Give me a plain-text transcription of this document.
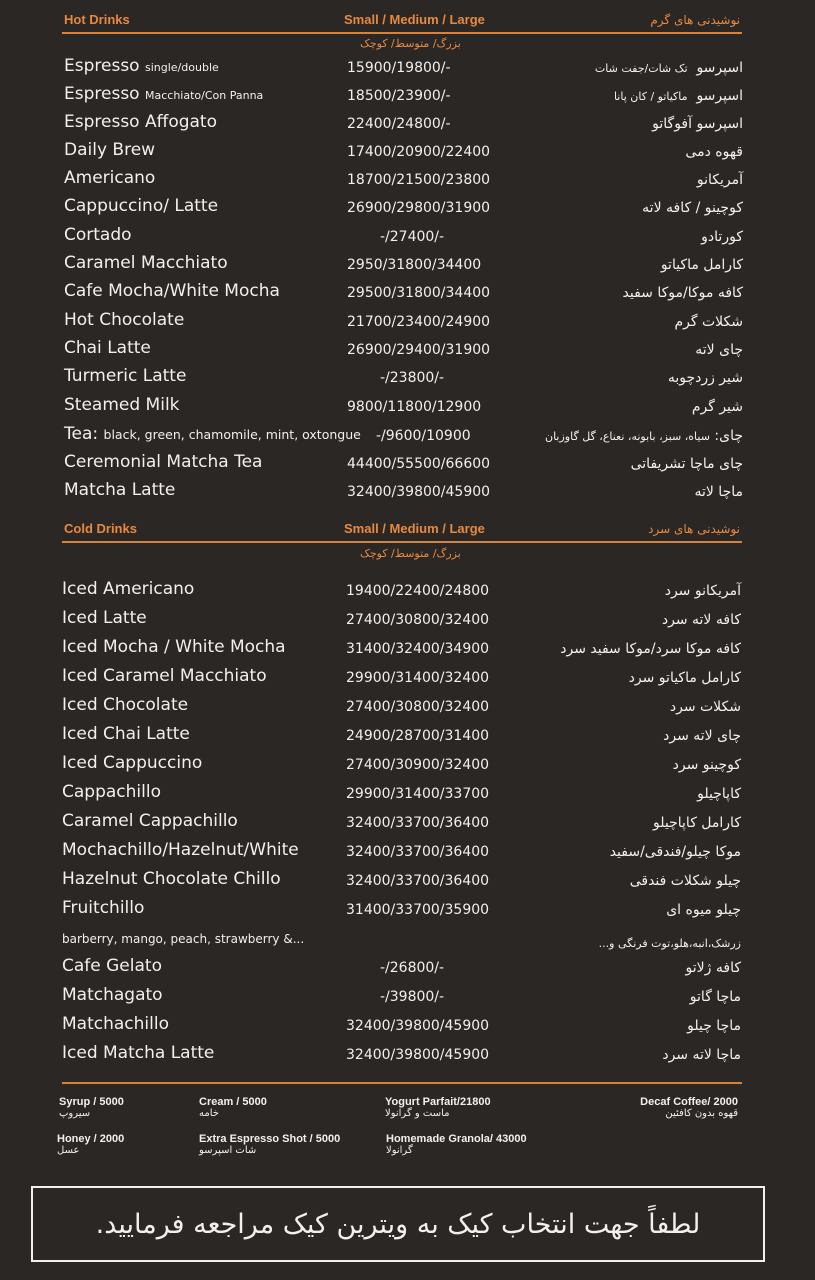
Hot Drinks	Small / Medium / Large	نوشیدنی های گرم
بزرگ/ متوسط/ کوچک
Espresso single/double	15900/19800/-	اسپرسو  تک شات/جفت شات
Espresso Macchiato/Con Panna	18500/23900/-	اسپرسو  ماکیاتو / کان پانا
Espresso Affogato	22400/24800/-	اسپرسو آفوگاتو
Daily Brew	17400/20900/22400	قهوه دمی
Americano	18700/21500/23800	آمریکانو
Cappuccino/ Latte	26900/29800/31900	کوچینو / کافه لاته
Cortado	-/27400/-	کورتادو
Caramel Macchiato	2950/31800/34400	کارامل ماکیاتو
Cafe Mocha/White Mocha	29500/31800/34400	کافه موکا/موکا سفید
Hot Chocolate	21700/23400/24900	شکلات گرم
Chai Latte	26900/29400/31900	چای لاته
Turmeric Latte	-/23800/-	شیر زردچوبه
Steamed Milk	9800/11800/12900	شیر گرم
Tea: black, green, chamomile, mint, oxtongue -/9600/10900	چای: سیاه، سبز، بابونه، نعناع، گل گاوزبان
Ceremonial Matcha Tea	44400/55500/66600	چای ماچا تشریفاتی
Matcha Latte	32400/39800/45900	ماچا لاته
Cold Drinks	Small / Medium / Large	نوشیدنی های سرد
بزرگ/ متوسط/ کوچک
Iced Americano	19400/22400/24800	آمریکانو سرد
Iced Latte	27400/30800/32400	کافه لاته سرد
Iced Mocha / White Mocha	31400/32400/34900	کافه موکا سرد/موکا سفید سرد
Iced Caramel Macchiato	29900/31400/32400	کارامل ماکیاتو سرد
Iced Chocolate	27400/30800/32400	شکلات سرد
Iced Chai Latte	24900/28700/31400	چای لاته سرد
Iced Cappuccino	27400/30900/32400	کوچینو سرد
Cappachillo	29900/31400/33700	کاپاچیلو
Caramel Cappachillo	32400/33700/36400	کارامل کاپاچیلو
Mochachillo/Hazelnut/White	32400/33700/36400	موکا چیلو/فندقی/سفید
Hazelnut Chocolate Chillo	32400/33700/36400	چیلو شکلات فندقی
Fruitchillo	31400/33700/35900	چیلو میوه ای
barberry, mango, peach, strawberry &...	زرشک،انبه،هلو،توت فرنگی و...
Cafe Gelato	-/26800/-	کافه ژلاتو
Matchagato	-/39800/-	ماچا گاتو
Matchachillo	32400/39800/45900	ماچا چیلو
Iced Matcha Latte	32400/39800/45900	ماچا لاته سرد
Syrup / 5000
سیروپ
Cream / 5000
خامه
Yogurt Parfait/21800
ماست و گرانولا
Decaf Coffee/ 2000
قهوه بدون کافئین
Honey / 2000
عسل
Extra Espresso Shot / 5000
شات اسپرسو
Homemade Granola/ 43000
گرانولا
لطفاً جهت انتخاب کیک به ویترین کیک مراجعه فرمایید.
